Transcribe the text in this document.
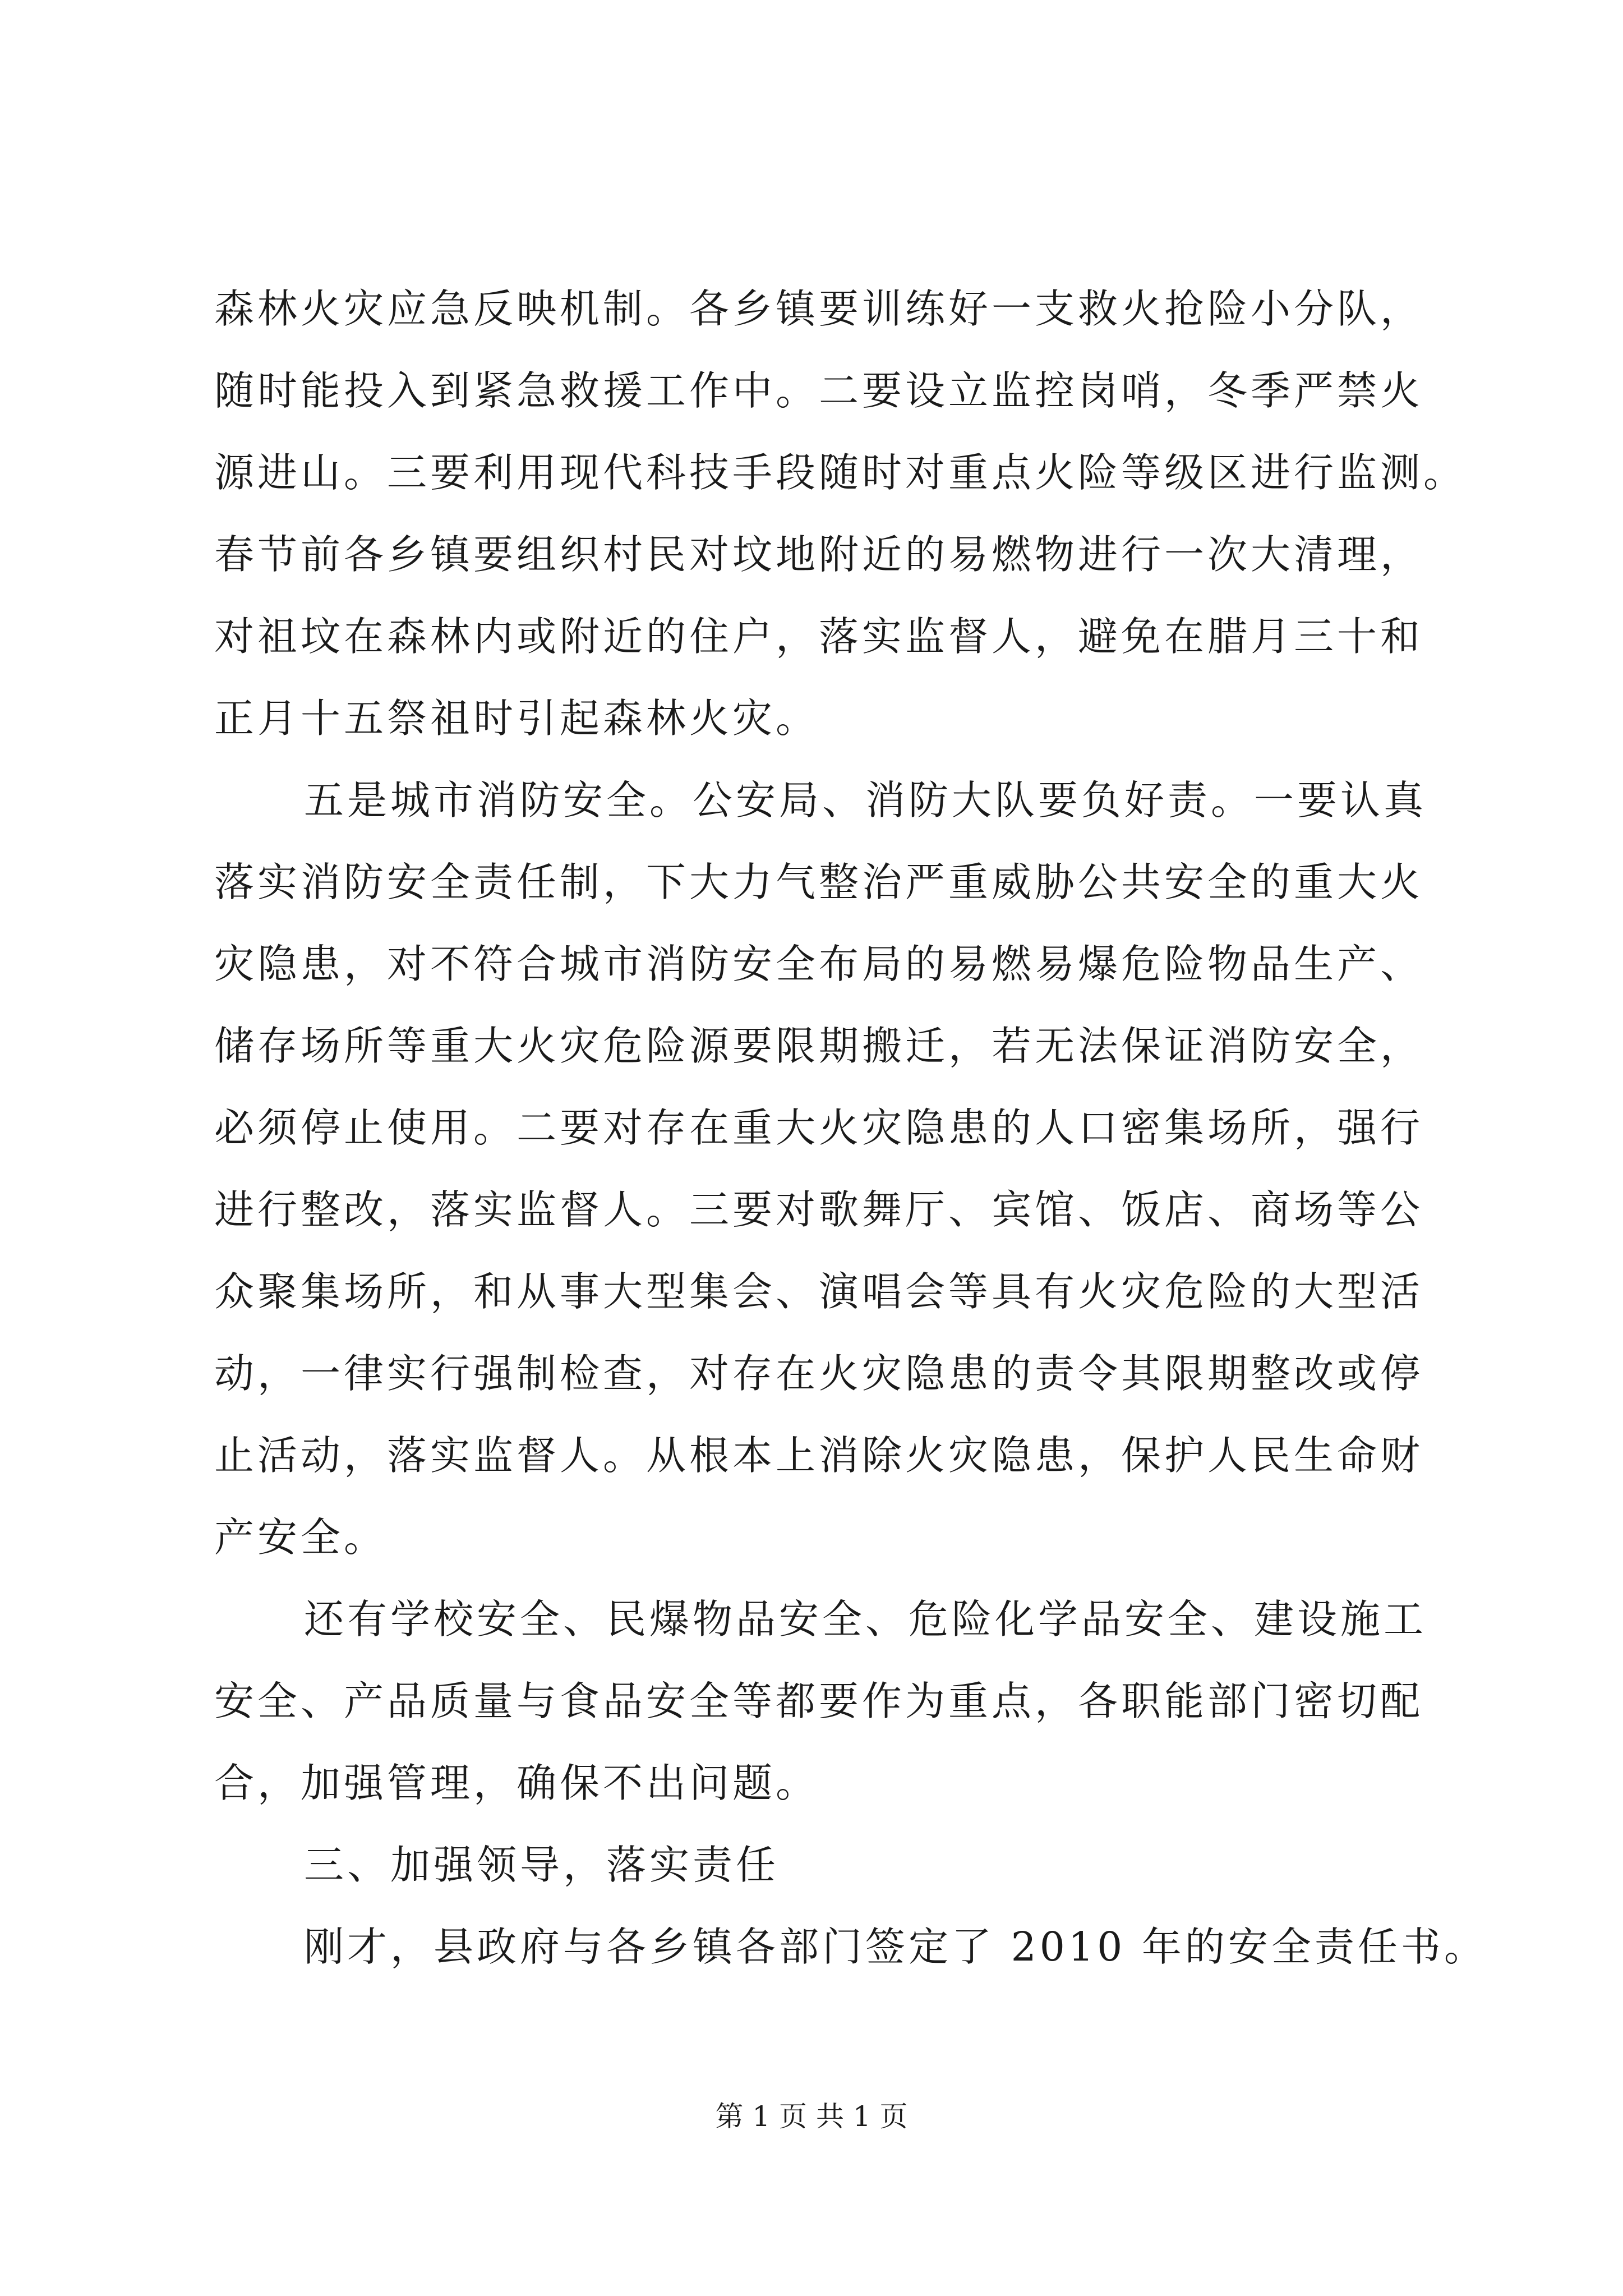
森林火灾应急反映机制。各乡镇要训练好一支救火抢险小分队，
随时能投入到紧急救援工作中。二要设立监控岗哨，冬季严禁火
源进山。三要利用现代科技手段随时对重点火险等级区进行监测。
春节前各乡镇要组织村民对坟地附近的易燃物进行一次大清理，
对祖坟在森林内或附近的住户，落实监督人，避免在腊月三十和
正月十五祭祖时引起森林火灾。
五是城市消防安全。公安局、消防大队要负好责。一要认真
落实消防安全责任制，下大力气整治严重威胁公共安全的重大火
灾隐患，对不符合城市消防安全布局的易燃易爆危险物品生产、
储存场所等重大火灾危险源要限期搬迁，若无法保证消防安全，
必须停止使用。二要对存在重大火灾隐患的人口密集场所，强行
进行整改，落实监督人。三要对歌舞厅、宾馆、饭店、商场等公
众聚集场所，和从事大型集会、演唱会等具有火灾危险的大型活
动，一律实行强制检查，对存在火灾隐患的责令其限期整改或停
止活动，落实监督人。从根本上消除火灾隐患，保护人民生命财
产安全。
还有学校安全、民爆物品安全、危险化学品安全、建设施工
安全、产品质量与食品安全等都要作为重点，各职能部门密切配
合，加强管理，确保不出问题。
三、加强领导，落实责任
刚才，县政府与各乡镇各部门签定了 2010 年的安全责任书。
第 1 页 共 1 页
